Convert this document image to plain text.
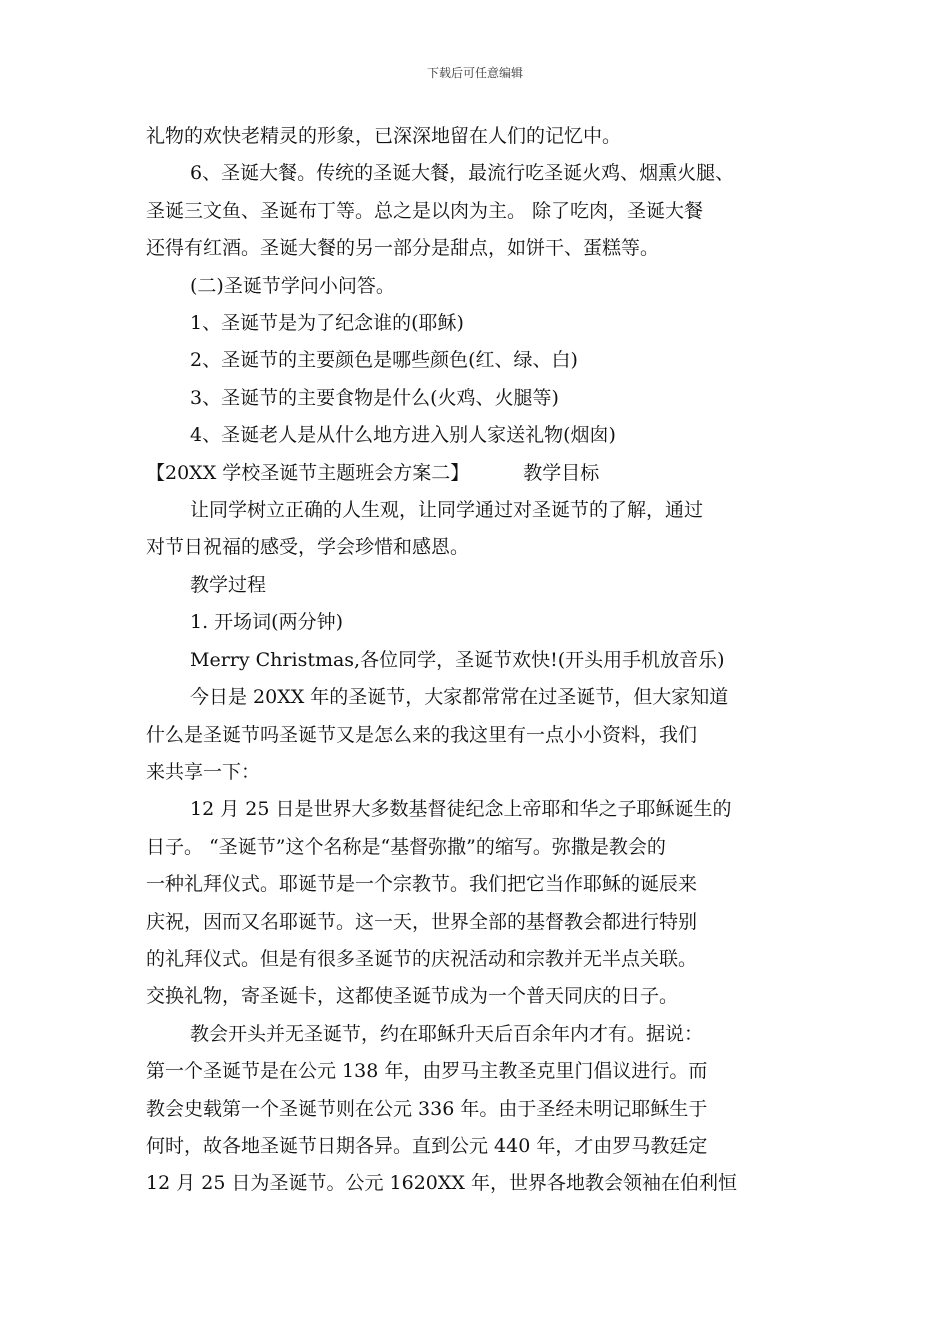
下载后可任意编辑

礼物的欢快老精灵的形象，已深深地留在人们的记忆中。

6、圣诞大餐。传统的圣诞大餐，最流行吃圣诞火鸡、烟熏火腿、

圣诞三文鱼、圣诞布丁等。总之是以肉为主。 除了吃肉，圣诞大餐

还得有红酒。圣诞大餐的另一部分是甜点，如饼干、蛋糕等。

(二)圣诞节学问小问答。

1、圣诞节是为了纪念谁的(耶稣)

2、圣诞节的主要颜色是哪些颜色(红、绿、白)

3、圣诞节的主要食物是什么(火鸡、火腿等)

4、圣诞老人是从什么地方进入别人家送礼物(烟囱)

【20XX 学校圣诞节主题班会方案二】	教学目标

让同学树立正确的人生观，让同学通过对圣诞节的了解，通过

对节日祝福的感受，学会珍惜和感恩。

教学过程

1. 开场词(两分钟)

Merry Christmas,各位同学，圣诞节欢快!(开头用手机放音乐)

今日是 20XX 年的圣诞节，大家都常常在过圣诞节，但大家知道

什么是圣诞节吗圣诞节又是怎么来的我这里有一点小小资料，我们

来共享一下：

12 月 25 日是世界大多数基督徒纪念上帝耶和华之子耶稣诞生的

日子。 “圣诞节”这个名称是“基督弥撒”的缩写。弥撒是教会的

一种礼拜仪式。耶诞节是一个宗教节。我们把它当作耶稣的诞辰来

庆祝，因而又名耶诞节。这一天，世界全部的基督教会都进行特别

的礼拜仪式。但是有很多圣诞节的庆祝活动和宗教并无半点关联。

交换礼物，寄圣诞卡，这都使圣诞节成为一个普天同庆的日子。

教会开头并无圣诞节，约在耶稣升天后百余年内才有。据说：

第一个圣诞节是在公元 138 年，由罗马主教圣克里门倡议进行。而

教会史载第一个圣诞节则在公元 336 年。由于圣经未明记耶稣生于

何时，故各地圣诞节日期各异。直到公元 440 年，才由罗马教廷定

12 月 25 日为圣诞节。公元 1620XX 年，世界各地教会领袖在伯利恒
